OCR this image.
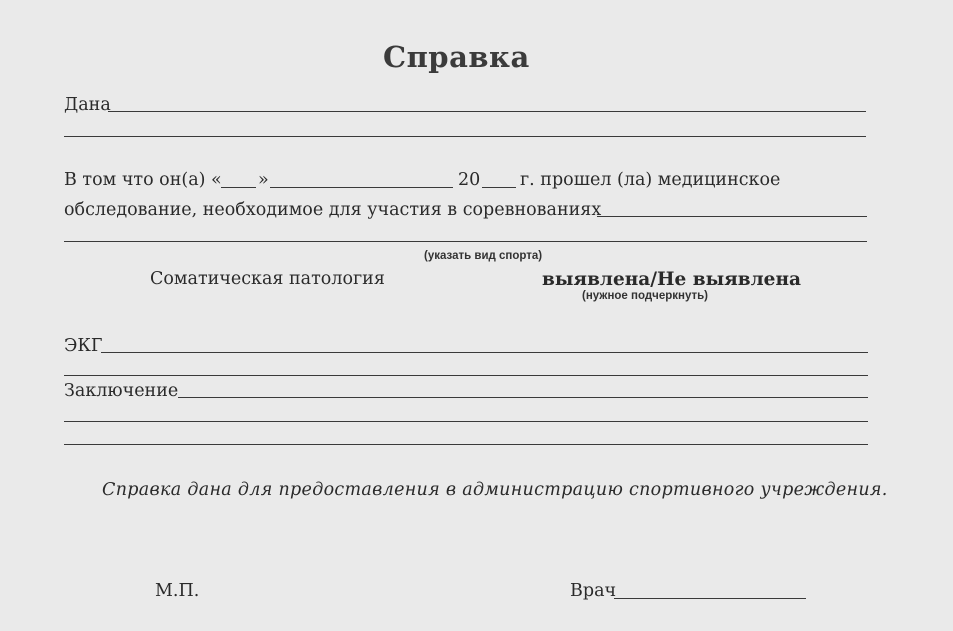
Справка
Дана
В том что он(а) « »	20 г. прошел (ла) медицинское
обследование, необходимое для участия в соревнованиях
(указать вид спорта)
Соматическая патология	выявлена/Не выявлена
(нужное подчеркнуть)
ЭКГ
Заключение
Справка дана для предоставления в администрацию спортивного учреждения.
М.П.	Врач
